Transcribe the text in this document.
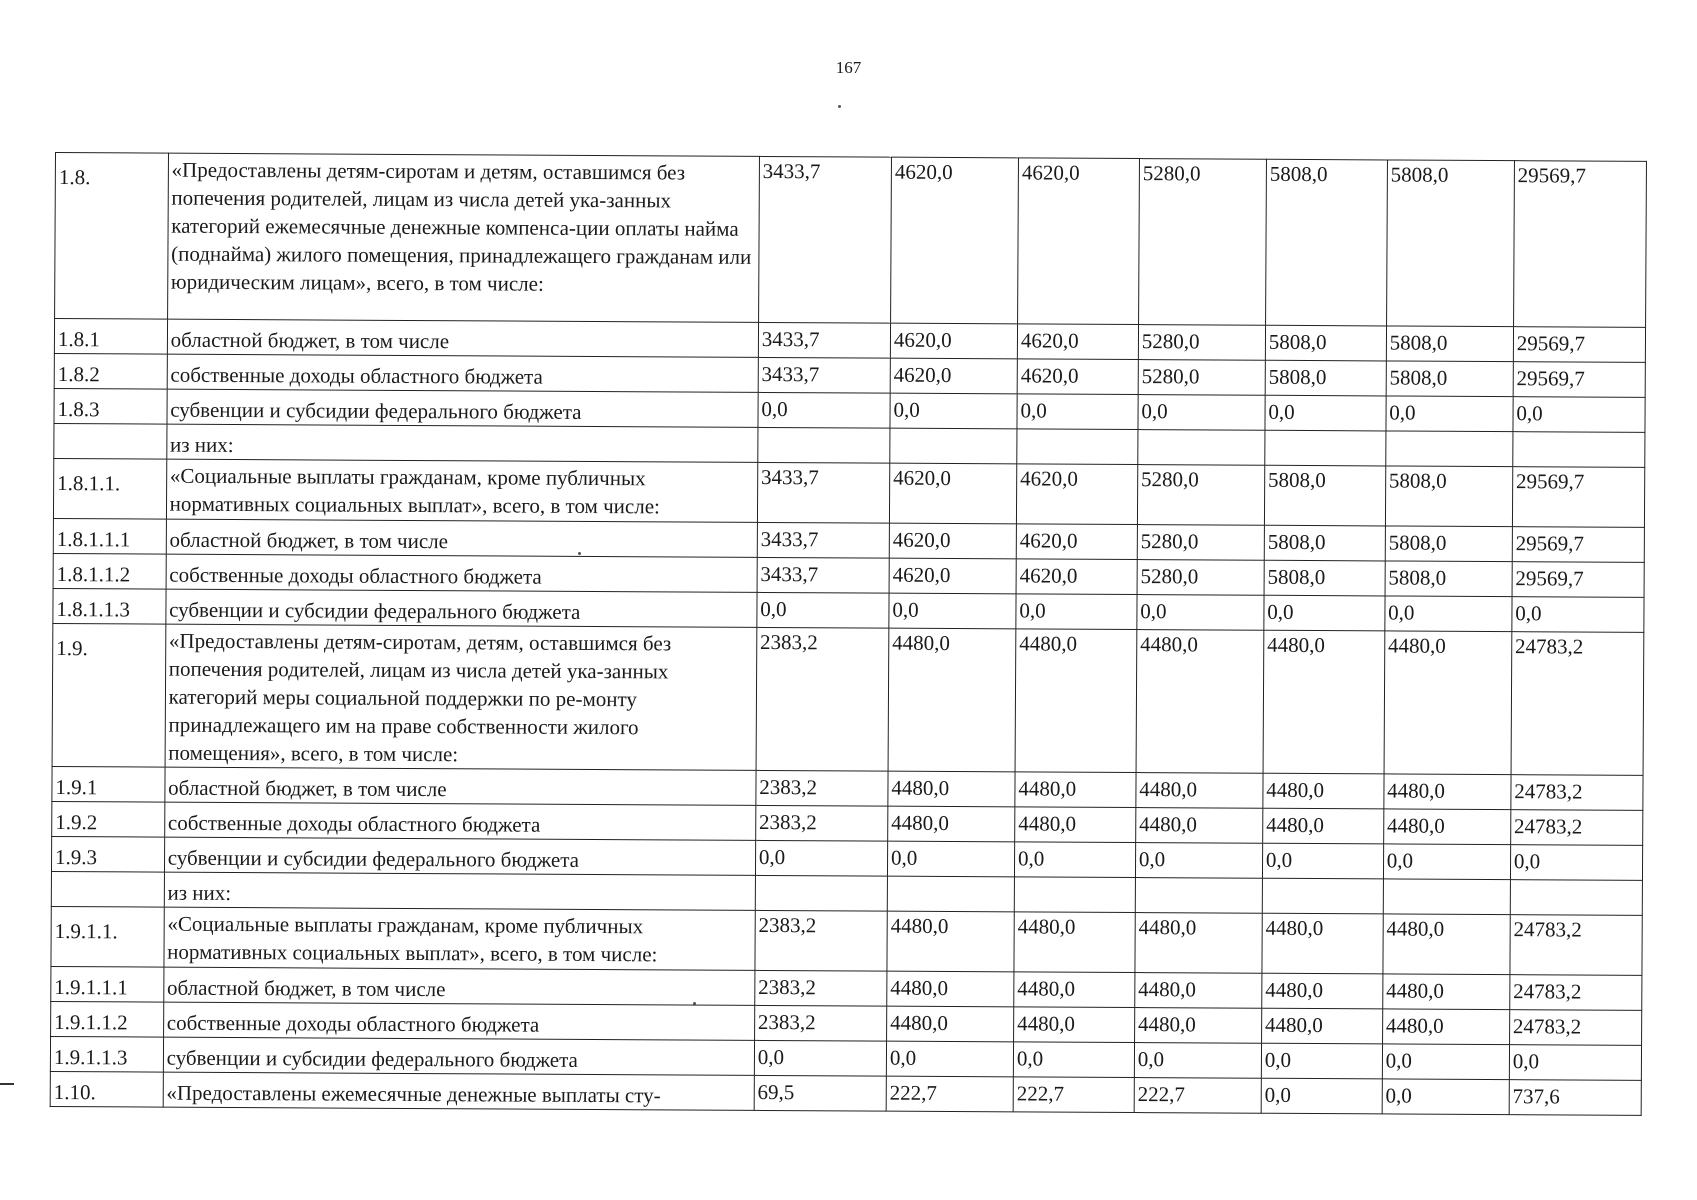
167
1.8.	«Предоставлены детям-сиротам и детям, оставшимся без попечения родителей, лицам из числа детей ука-занных категорий ежемесячные денежные компенса-ции оплаты найма (поднайма) жилого помещения, принадлежащего гражданам или юридическим лицам», всего, в том числе:	3433,7	4620,0	4620,0	5280,0	5808,0	5808,0	29569,7
1.8.1	областной бюджет, в том числе	3433,7	4620,0	4620,0	5280,0	5808,0	5808,0	29569,7
1.8.2	собственные доходы областного бюджета	3433,7	4620,0	4620,0	5280,0	5808,0	5808,0	29569,7
1.8.3	субвенции и субсидии федерального бюджета	0,0	0,0	0,0	0,0	0,0	0,0	0,0
	из них:							
1.8.1.1.	«Социальные выплаты гражданам, кроме публичных нормативных социальных выплат», всего, в том числе:	3433,7	4620,0	4620,0	5280,0	5808,0	5808,0	29569,7
1.8.1.1.1	областной бюджет, в том числе	3433,7	4620,0	4620,0	5280,0	5808,0	5808,0	29569,7
1.8.1.1.2	собственные доходы областного бюджета	3433,7	4620,0	4620,0	5280,0	5808,0	5808,0	29569,7
1.8.1.1.3	субвенции и субсидии федерального бюджета	0,0	0,0	0,0	0,0	0,0	0,0	0,0
1.9.	«Предоставлены детям-сиротам, детям, оставшимся без попечения родителей, лицам из числа детей ука-занных категорий меры социальной поддержки по ре-монту принадлежащего им на праве собственности жилого помещения», всего, в том числе:	2383,2	4480,0	4480,0	4480,0	4480,0	4480,0	24783,2
1.9.1	областной бюджет, в том числе	2383,2	4480,0	4480,0	4480,0	4480,0	4480,0	24783,2
1.9.2	собственные доходы областного бюджета	2383,2	4480,0	4480,0	4480,0	4480,0	4480,0	24783,2
1.9.3	субвенции и субсидии федерального бюджета	0,0	0,0	0,0	0,0	0,0	0,0	0,0
	из них:							
1.9.1.1.	«Социальные выплаты гражданам, кроме публичных нормативных социальных выплат», всего, в том числе:	2383,2	4480,0	4480,0	4480,0	4480,0	4480,0	24783,2
1.9.1.1.1	областной бюджет, в том числе	2383,2	4480,0	4480,0	4480,0	4480,0	4480,0	24783,2
1.9.1.1.2	собственные доходы областного бюджета	2383,2	4480,0	4480,0	4480,0	4480,0	4480,0	24783,2
1.9.1.1.3	субвенции и субсидии федерального бюджета	0,0	0,0	0,0	0,0	0,0	0,0	0,0
1.10.	«Предоставлены ежемесячные денежные выплаты сту-	69,5	222,7	222,7	222,7	0,0	0,0	737,6
